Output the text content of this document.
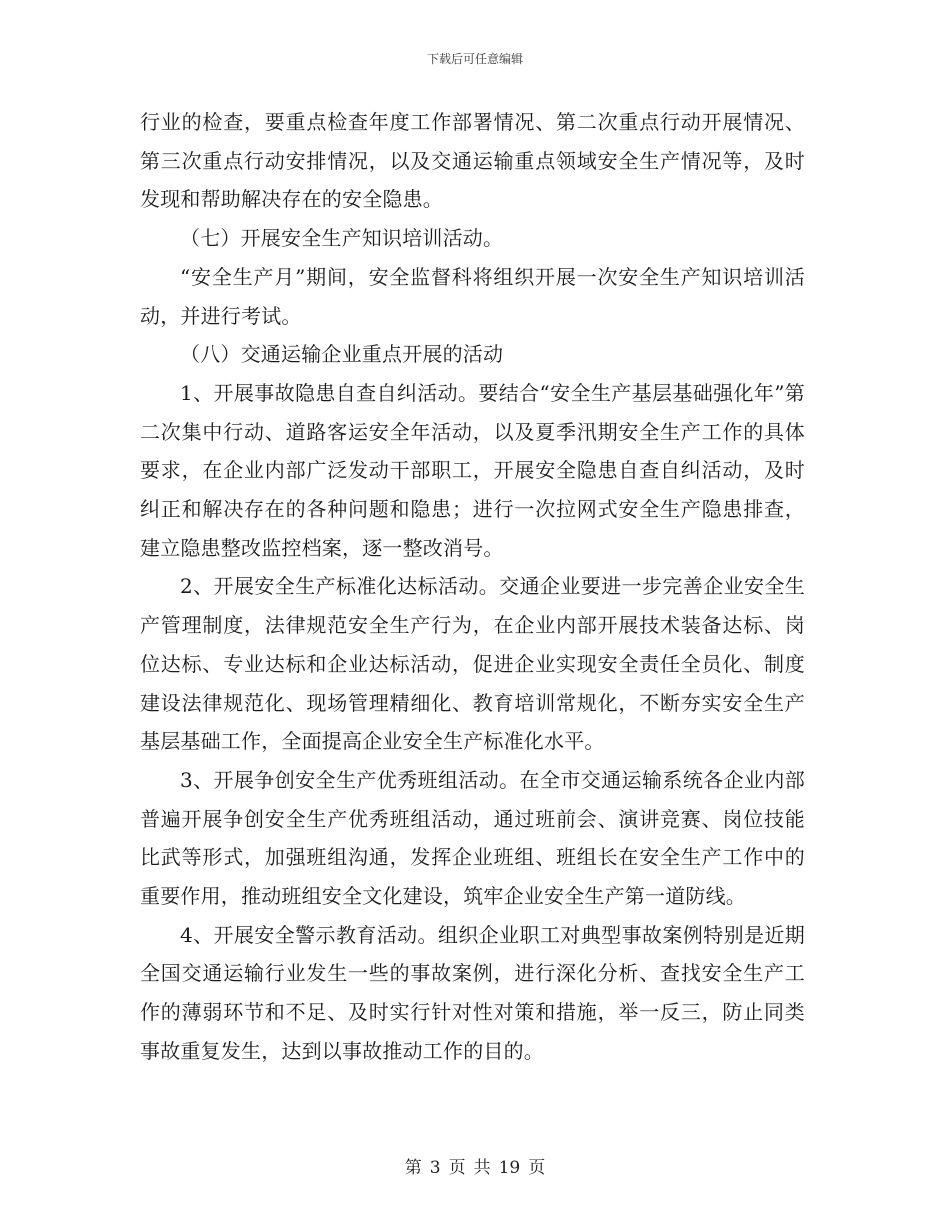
下载后可任意编辑

行业的检查，要重点检查年度工作部署情况、第二次重点行动开展情况、第三次重点行动安排情况，以及交通运输重点领域安全生产情况等，及时发现和帮助解决存在的安全隐患。

（七）开展安全生产知识培训活动。

“安全生产月”期间，安全监督科将组织开展一次安全生产知识培训活动，并进行考试。

（八）交通运输企业重点开展的活动

1、开展事故隐患自查自纠活动。要结合“安全生产基层基础强化年”第二次集中行动、道路客运安全年活动，以及夏季汛期安全生产工作的具体要求，在企业内部广泛发动干部职工，开展安全隐患自查自纠活动，及时纠正和解决存在的各种问题和隐患；进行一次拉网式安全生产隐患排查，建立隐患整改监控档案，逐一整改消号。

2、开展安全生产标准化达标活动。交通企业要进一步完善企业安全生产管理制度，法律规范安全生产行为，在企业内部开展技术装备达标、岗位达标、专业达标和企业达标活动，促进企业实现安全责任全员化、制度建设法律规范化、现场管理精细化、教育培训常规化，不断夯实安全生产基层基础工作，全面提高企业安全生产标准化水平。

3、开展争创安全生产优秀班组活动。在全市交通运输系统各企业内部普遍开展争创安全生产优秀班组活动，通过班前会、演讲竞赛、岗位技能比武等形式，加强班组沟通，发挥企业班组、班组长在安全生产工作中的重要作用，推动班组安全文化建设，筑牢企业安全生产第一道防线。

4、开展安全警示教育活动。组织企业职工对典型事故案例特别是近期全国交通运输行业发生一些的事故案例，进行深化分析、查找安全生产工作的薄弱环节和不足、及时实行针对性对策和措施，举一反三，防止同类事故重复发生，达到以事故推动工作的目的。

第 3 页 共 19 页
